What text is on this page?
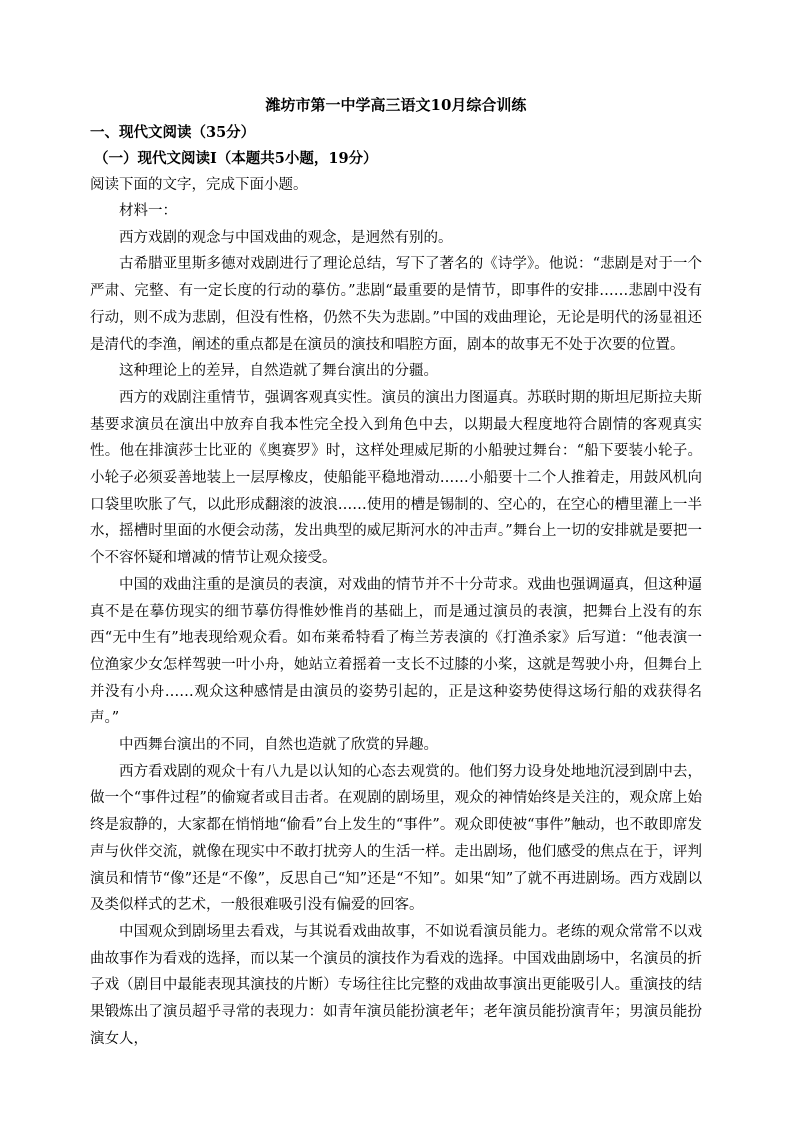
潍坊市第一中学高三语文10月综合训练
一、现代文阅读（35分）
（一）现代文阅读Ⅰ（本题共5小题，19分）
阅读下面的文字，完成下面小题。

材料一：

西方戏剧的观念与中国戏曲的观念，是迥然有别的。

古希腊亚里斯多德对戏剧进行了理论总结，写下了著名的《诗学》。他说：“悲剧是对于一个严肃、完整、有一定长度的行动的摹仿。”悲剧“最重要的是情节，即事件的安排……悲剧中没有行动，则不成为悲剧，但没有性格，仍然不失为悲剧。”中国的戏曲理论，无论是明代的汤显祖还是清代的李渔，阐述的重点都是在演员的演技和唱腔方面，剧本的故事无不处于次要的位置。

这种理论上的差异，自然造就了舞台演出的分疆。

西方的戏剧注重情节，强调客观真实性。演员的演出力图逼真。苏联时期的斯坦尼斯拉夫斯基要求演员在演出中放弃自我本性完全投入到角色中去，以期最大程度地符合剧情的客观真实性。他在排演莎士比亚的《奥赛罗》时，这样处理威尼斯的小船驶过舞台：“船下要装小轮子。小轮子必须妥善地装上一层厚橡皮，使船能平稳地滑动……小船要十二个人推着走，用鼓风机向口袋里吹胀了气，以此形成翻滚的波浪……使用的槽是锡制的、空心的，在空心的槽里灌上一半水，摇槽时里面的水便会动荡，发出典型的威尼斯河水的冲击声。”舞台上一切的安排就是要把一个不容怀疑和增减的情节让观众接受。

中国的戏曲注重的是演员的表演，对戏曲的情节并不十分苛求。戏曲也强调逼真，但这种逼真不是在摹仿现实的细节摹仿得惟妙惟肖的基础上，而是通过演员的表演，把舞台上没有的东西“无中生有”地表现给观众看。如布莱希特看了梅兰芳表演的《打渔杀家》后写道：“他表演一位渔家少女怎样驾驶一叶小舟，她站立着摇着一支长不过膝的小桨，这就是驾驶小舟，但舞台上并没有小舟……观众这种感情是由演员的姿势引起的，正是这种姿势使得这场行船的戏获得名声。”

中西舞台演出的不同，自然也造就了欣赏的异趣。

西方看戏剧的观众十有八九是以认知的心态去观赏的。他们努力设身处地地沉浸到剧中去，做一个“事件过程”的偷窥者或目击者。在观剧的剧场里，观众的神情始终是关注的，观众席上始终是寂静的，大家都在悄悄地“偷看”台上发生的“事件”。观众即使被“事件”触动，也不敢即席发声与伙伴交流，就像在现实中不敢打扰旁人的生活一样。走出剧场，他们感受的焦点在于，评判演员和情节“像”还是“不像”，反思自己“知”还是“不知”。如果“知”了就不再进剧场。西方戏剧以及类似样式的艺术，一般很难吸引没有偏爱的回客。

中国观众到剧场里去看戏，与其说看戏曲故事，不如说看演员能力。老练的观众常常不以戏曲故事作为看戏的选择，而以某一个演员的演技作为看戏的选择。中国戏曲剧场中，名演员的折子戏（剧目中最能表现其演技的片断）专场往往比完整的戏曲故事演出更能吸引人。重演技的结果锻炼出了演员超乎寻常的表现力：如青年演员能扮演老年；老年演员能扮演青年；男演员能扮演女人，
